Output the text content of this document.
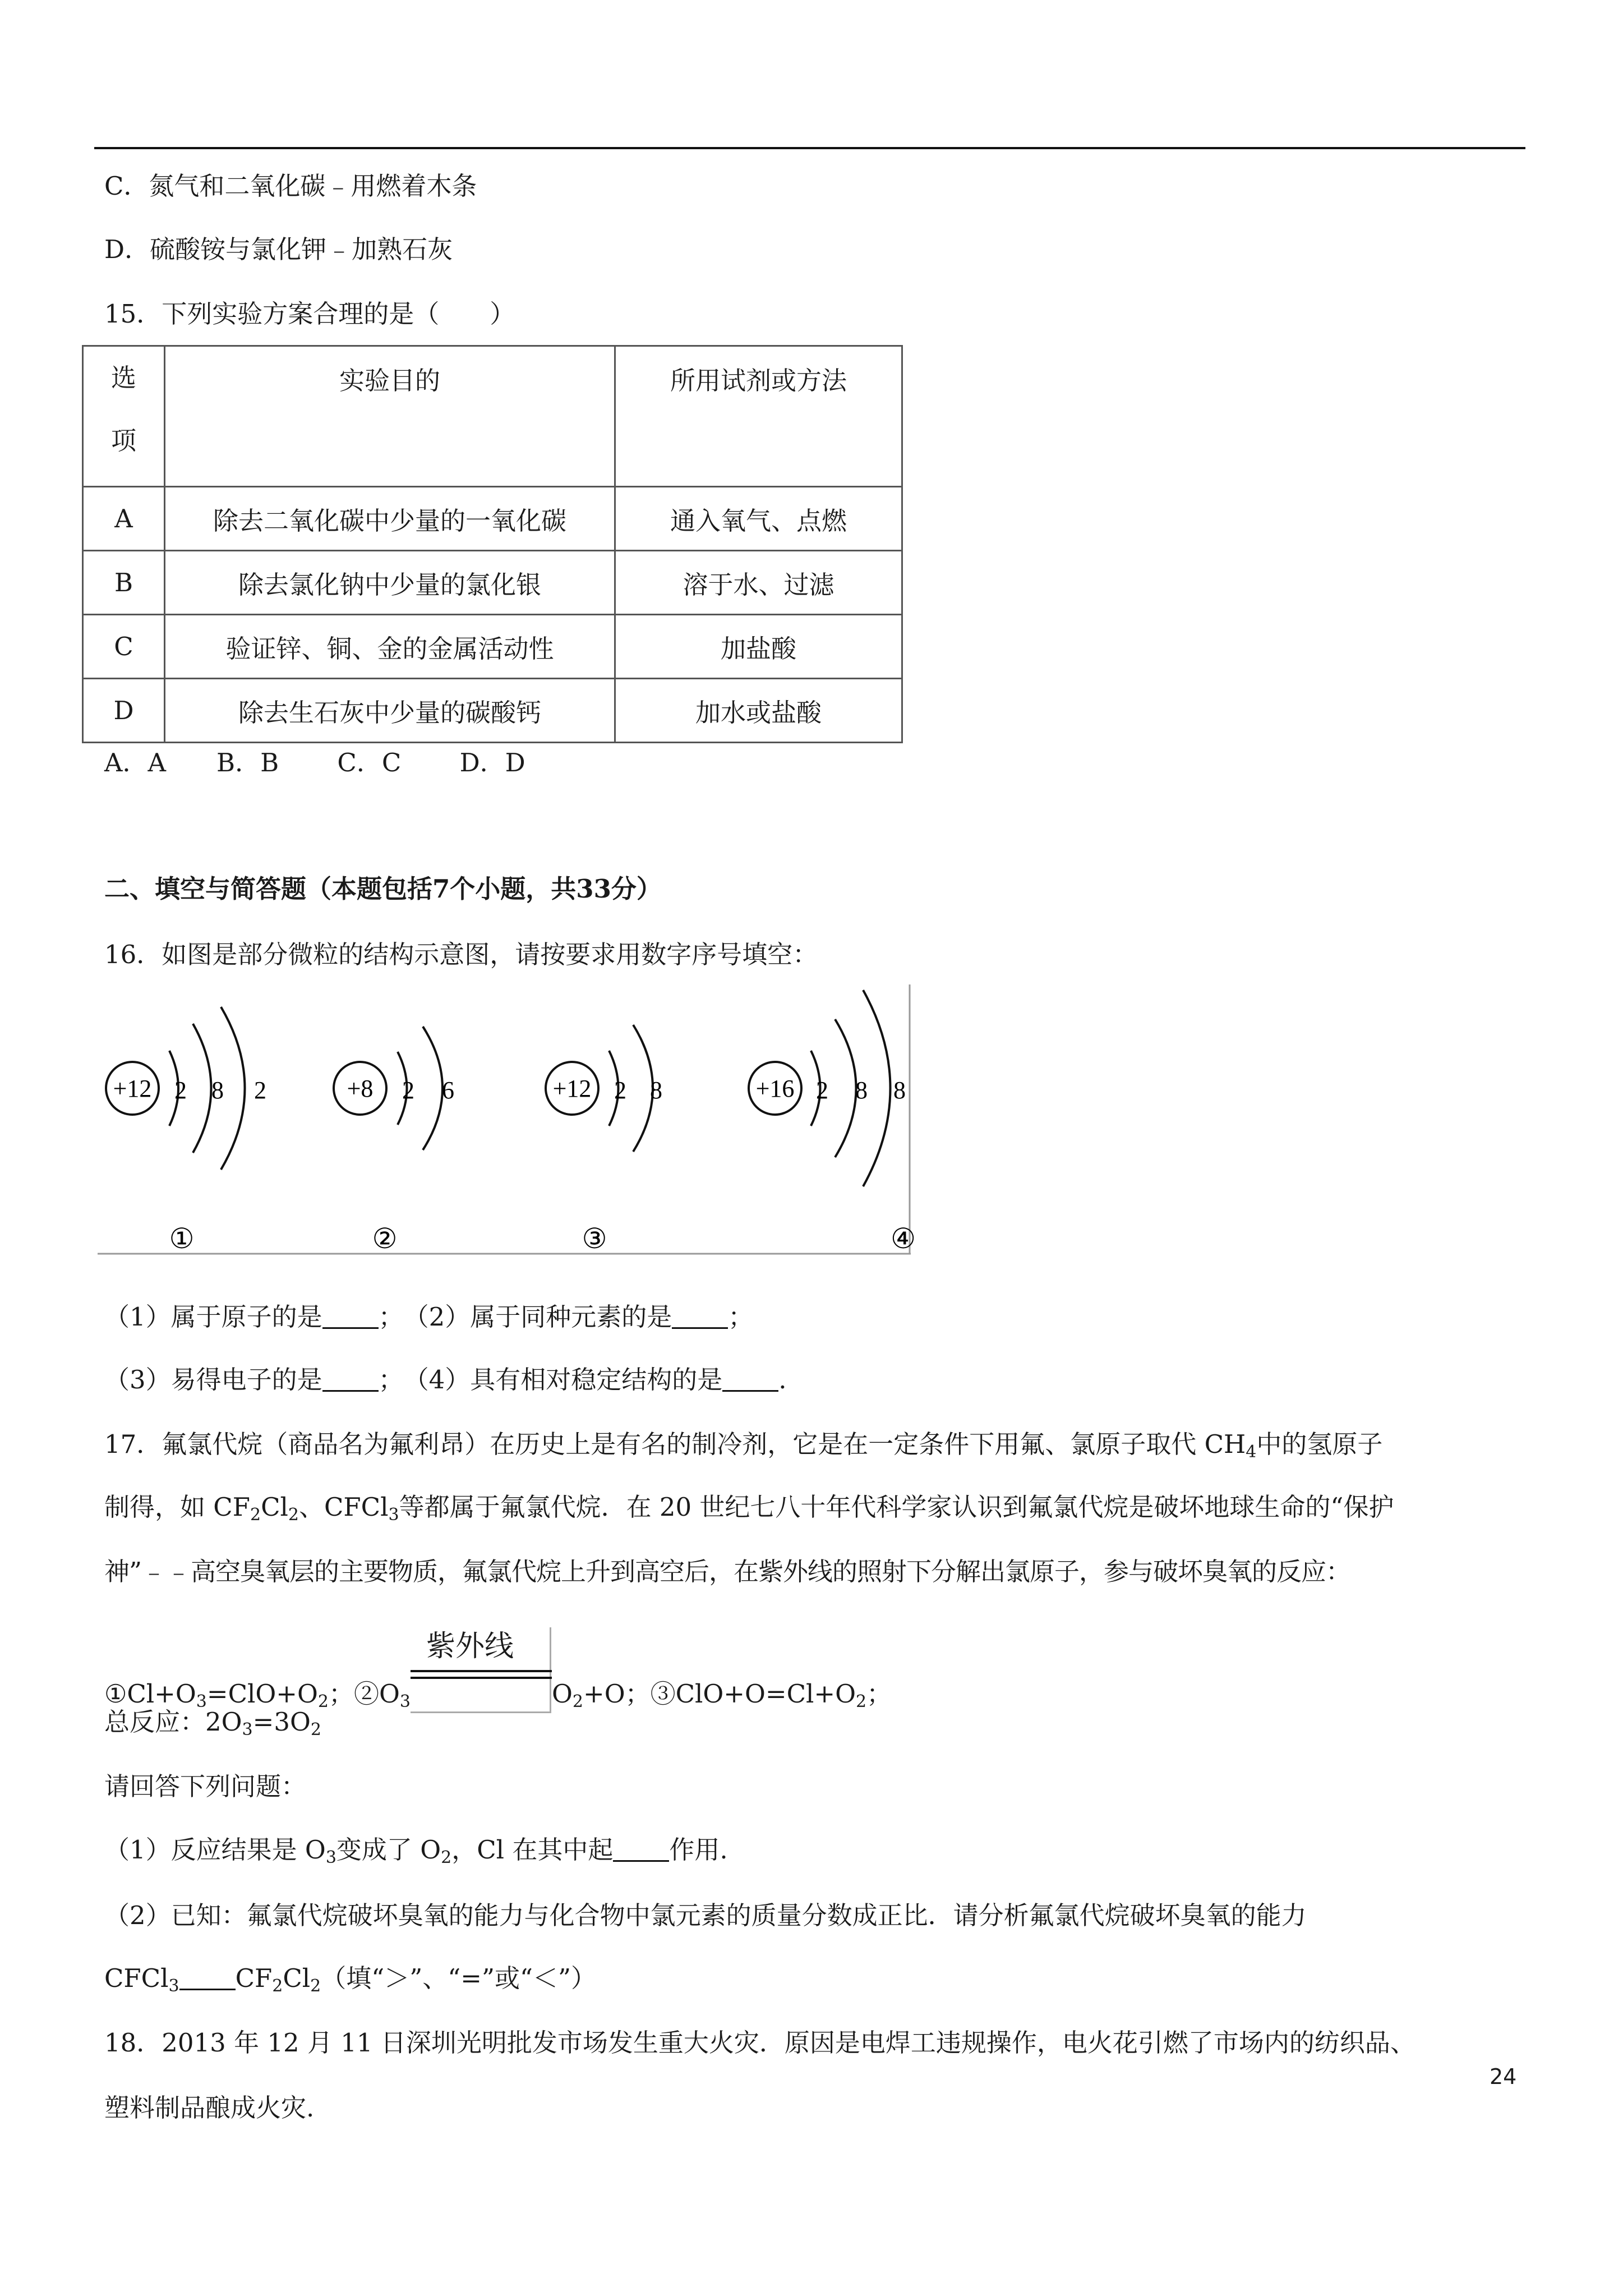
C．氮气和二氧化碳﹣用燃着木条
D．硫酸铵与氯化钾﹣加熟石灰
15．下列实验方案合理的是（　　）
选
项	实验目的	所用试剂或方法
A	除去二氧化碳中少量的一氧化碳	通入氧气、点燃
B	除去氯化钠中少量的氯化银	溶于水、过滤
C	验证锌、铜、金的金属活动性	加盐酸
D	除去生石灰中少量的碳酸钙	加水或盐酸
A．A　　B．B　　 C．C　　 D．D
二、填空与简答题（本题包括7个小题，共33分）
16．如图是部分微粒的结构示意图，请按要求用数字序号填空：
+12 2 8 2
①
+8 2 6
②
+12 2 8
③
+16 2 8 8
④
（1）属于原子的是 ；　（2）属于同种元素的是 ；
（3）易得电子的是 ；　（4）具有相对稳定结构的是 .
17．氟氯代烷（商品名为氟利昂）在历史上是有名的制冷剂，它是在一定条件下用氟、氯原子取代 $CH_4$中的氢原子
制得，如 $CF_2Cl_2$、CFCl$_3$等都属于氟氯代烷．在 20 世纪七八十年代科学家认识到氟氯代烷是破坏地球生命的“保护
神”﹣﹣高空臭氧层的主要物质，氟氯代烷上升到高空后，在紫外线的照射下分解出氯原子，参与破坏臭氧的反应：
$①Cl+O_3=ClO+O_2$；$②O_3$
紫外线
$O_2+O$；$③ClO+O=Cl+O_2$；
总反应：$2O_3=3O_2$
请回答下列问题：
（1）反应结果是 $O_3$变成了 $O_2$，Cl 在其中起 作用.
（2）已知：氟氯代烷破坏臭氧的能力与化合物中氯元素的质量分数成正比．请分析氟氯代烷破坏臭氧的能力
CFCl$_3$ $CF_2Cl_2$（填“＞”、“=”或“＜”）
18．2013 年 12 月 11 日深圳光明批发市场发生重大火灾．原因是电焊工违规操作，电火花引燃了市场内的纺织品、
塑料制品酿成火灾.
24
